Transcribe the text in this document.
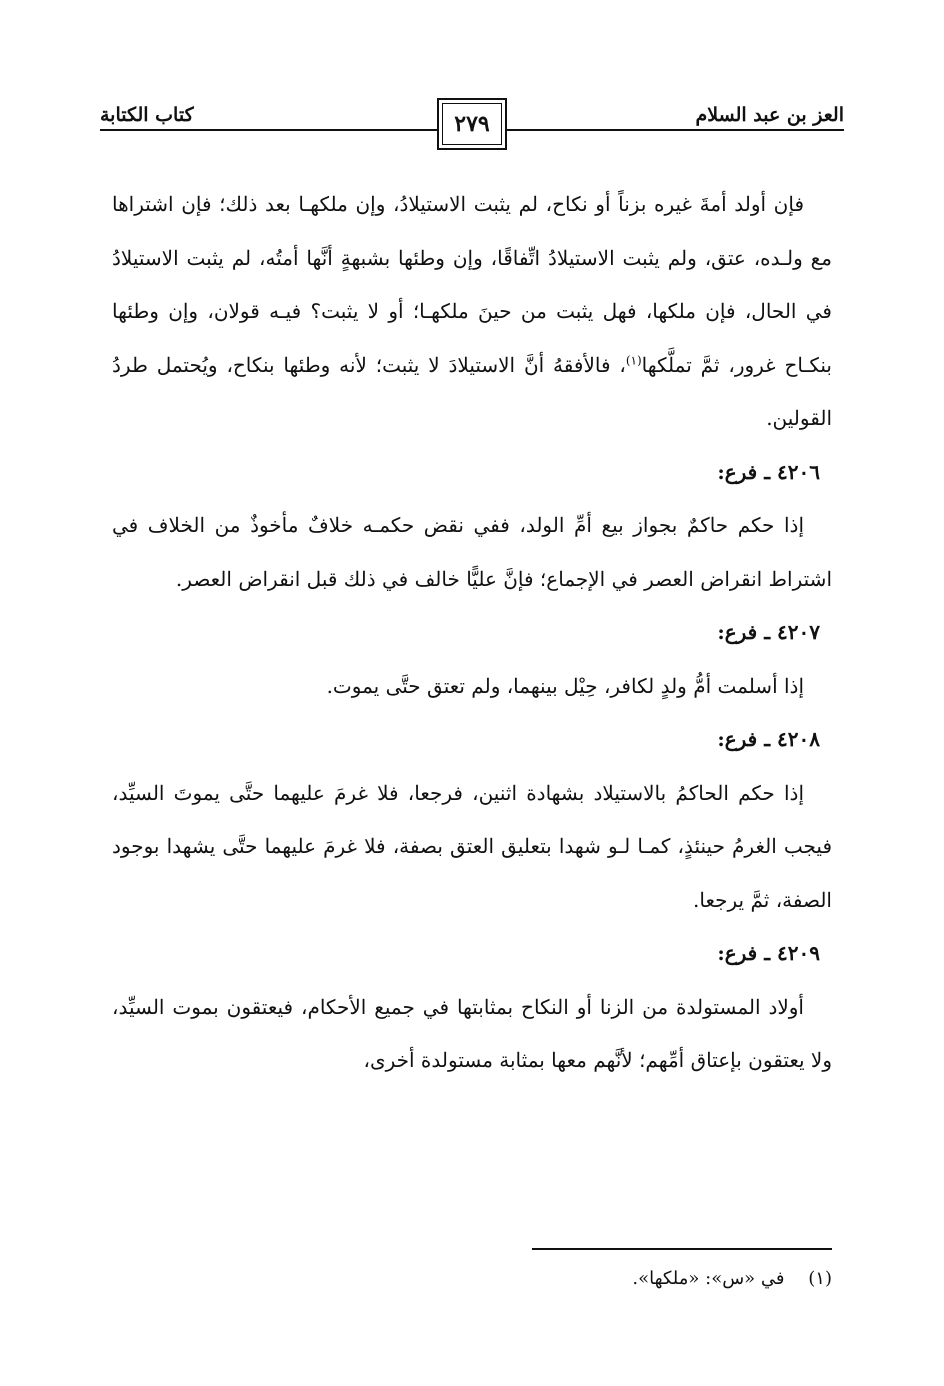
العز بن عبد السلام
٢٧٩
كتاب الكتابة

فإن أولد أمةَ غيره بزناً أو نكاح، لم يثبت الاستيلادُ، وإن ملكهـا بعد ذلك؛ فإن اشتراها مع ولـده، عتق، ولم يثبت الاستيلادُ اتِّفاقًا، وإن وطئها بشبهةٍ أنَّها أمتُه، لم يثبت الاستيلادُ في الحال، فإن ملكها، فهل يثبت من حينَ ملكهـا؛ أو لا يثبت؟ فيـه قولان، وإن وطئها بنكـاح غرور، ثمَّ تملَّكها$^{(١)}$، فالأفقهُ أنَّ الاستيلادَ لا يثبت؛ لأنه وطئها بنكاح، ويُحتمل طردُ القولين.

٤٢٠٦ ـ فرع:

إذا حكم حاكمٌ بجواز بيع أمِّ الولد، ففي نقض حكمـه خلافٌ مأخوذٌ من الخلاف في اشتراط انقراض العصر في الإجماع؛ فإنَّ عليًّا خالف في ذلك قبل انقراض العصر.

٤٢٠٧ ـ فرع:

إذا أسلمت أمُّ ولدٍ لكافر، حِيْل بينهما، ولم تعتق حتَّى يموت.

٤٢٠٨ ـ فرع:

إذا حكم الحاكمُ بالاستيلاد بشهادة اثنين، فرجعا، فلا غرمَ عليهما حتَّى يموتَ السيِّد، فيجب الغرمُ حينئذٍ، كمـا لـو شهدا بتعليق العتق بصفة، فلا غرمَ عليهما حتَّى يشهدا بوجود الصفة، ثمَّ يرجعا.

٤٢٠٩ ـ فرع:

أولاد المستولدة من الزنا أو النكاح بمثابتها في جميع الأحكام، فيعتقون بموت السيِّد، ولا يعتقون بإعتاق أمِّهم؛ لأنَّهم معها بمثابة مستولدة أخرى،

(١) في «س»: «ملكها».
